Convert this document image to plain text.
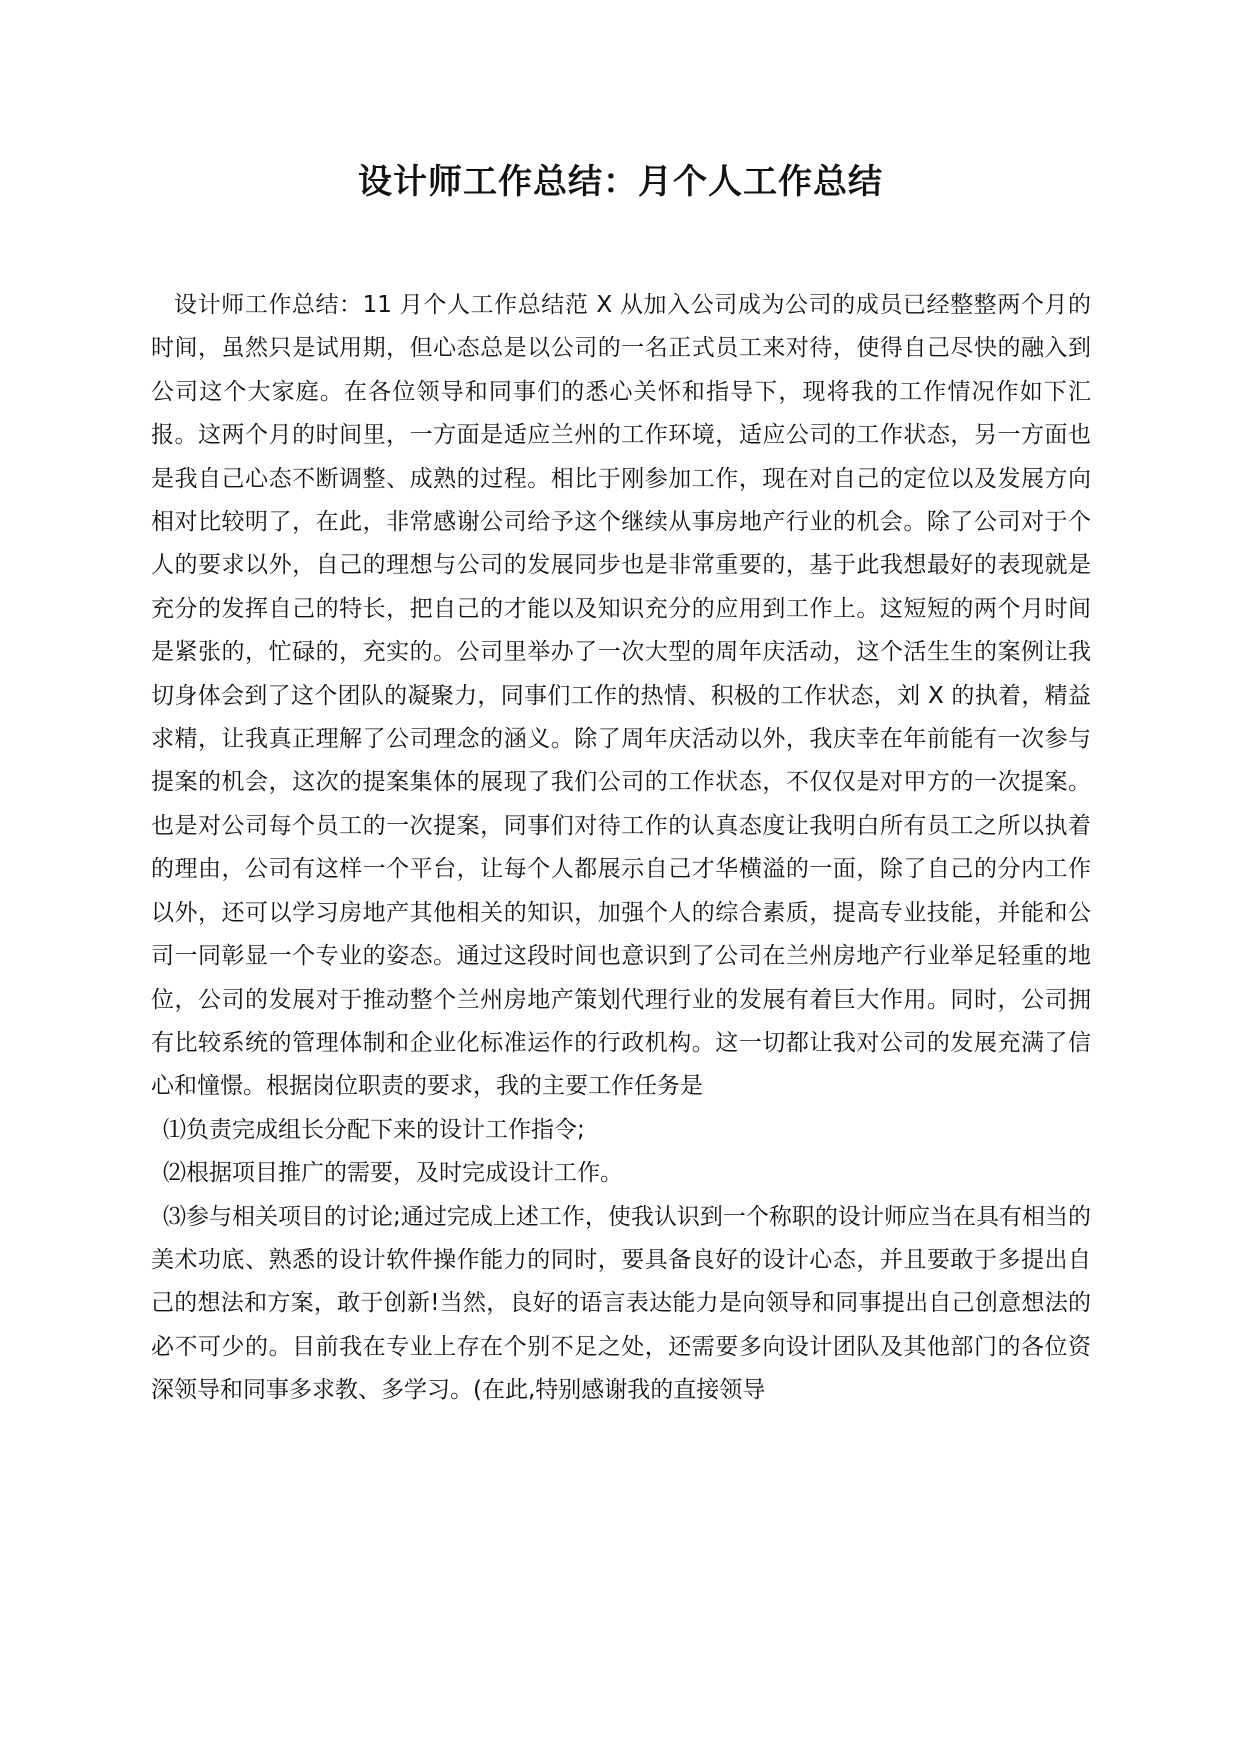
设计师工作总结：月个人工作总结

设计师工作总结：11 月个人工作总结范 X 从加入公司成为公司的成员已经整整两个月的时间，虽然只是试用期，但心态总是以公司的一名正式员工来对待，使得自己尽快的融入到公司这个大家庭。在各位领导和同事们的悉心关怀和指导下，现将我的工作情况作如下汇报。这两个月的时间里，一方面是适应兰州的工作环境，适应公司的工作状态，另一方面也是我自己心态不断调整、成熟的过程。相比于刚参加工作，现在对自己的定位以及发展方向相对比较明了，在此，非常感谢公司给予这个继续从事房地产行业的机会。除了公司对于个人的要求以外，自己的理想与公司的发展同步也是非常重要的，基于此我想最好的表现就是充分的发挥自己的特长，把自己的才能以及知识充分的应用到工作上。这短短的两个月时间是紧张的，忙碌的，充实的。公司里举办了一次大型的周年庆活动，这个活生生的案例让我切身体会到了这个团队的凝聚力，同事们工作的热情、积极的工作状态，刘 X 的执着，精益求精，让我真正理解了公司理念的涵义。除了周年庆活动以外，我庆幸在年前能有一次参与提案的机会，这次的提案集体的展现了我们公司的工作状态，不仅仅是对甲方的一次提案。也是对公司每个员工的一次提案，同事们对待工作的认真态度让我明白所有员工之所以执着的理由，公司有这样一个平台，让每个人都展示自己才华横溢的一面，除了自己的分内工作以外，还可以学习房地产其他相关的知识，加强个人的综合素质，提高专业技能，并能和公司一同彰显一个专业的姿态。通过这段时间也意识到了公司在兰州房地产行业举足轻重的地位，公司的发展对于推动整个兰州房地产策划代理行业的发展有着巨大作用。同时，公司拥有比较系统的管理体制和企业化标准运作的行政机构。这一切都让我对公司的发展充满了信心和憧憬。根据岗位职责的要求，我的主要工作任务是

⑴负责完成组长分配下来的设计工作指令;

⑵根据项目推广的需要，及时完成设计工作。

⑶参与相关项目的讨论;通过完成上述工作，使我认识到一个称职的设计师应当在具有相当的美术功底、熟悉的设计软件操作能力的同时，要具备良好的设计心态，并且要敢于多提出自己的想法和方案，敢于创新!当然，良好的语言表达能力是向领导和同事提出自己创意想法的必不可少的。目前我在专业上存在个别不足之处，还需要多向设计团队及其他部门的各位资深领导和同事多求教、多学习。(在此,特别感谢我的直接领导
